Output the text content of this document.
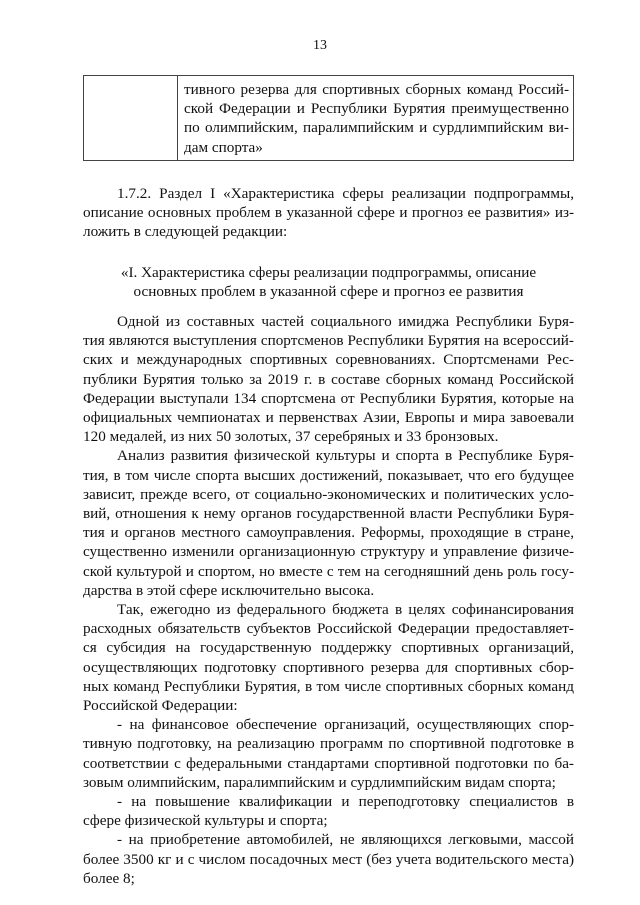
13

тивного резерва для спортивных сборных команд Россий-
ской Федерации и Республики Бурятия преимущественно
по олимпийским, паралимпийским и сурдлимпийским ви-
дам спорта»
1.7.2. Раздел I «Характеристика сферы реализации подпрограммы,
описание основных проблем в указанной сфере и прогноз ее развития» из-
ложить в следующей редакции:
«I. Характеристика сферы реализации подпрограммы, описание
основных проблем в указанной сфере и прогноз ее развития
Одной из составных частей социального имиджа Республики Буря-
тия являются выступления спортсменов Республики Бурятия на всероссий-
ских и международных спортивных соревнованиях. Спортсменами Рес-
публики Бурятия только за 2019 г. в составе сборных команд Российской
Федерации выступали 134 спортсмена от Республики Бурятия, которые на
официальных чемпионатах и первенствах Азии, Европы и мира завоевали
120 медалей, из них 50 золотых, 37 серебряных и 33 бронзовых.
Анализ развития физической культуры и спорта в Республике Буря-
тия, в том числе спорта высших достижений, показывает, что его будущее
зависит, прежде всего, от социально-экономических и политических усло-
вий, отношения к нему органов государственной власти Республики Буря-
тия и органов местного самоуправления. Реформы, проходящие в стране,
существенно изменили организационную структуру и управление физиче-
ской культурой и спортом, но вместе с тем на сегодняшний день роль госу-
дарства в этой сфере исключительно высока.
Так, ежегодно из федерального бюджета в целях софинансирования
расходных обязательств субъектов Российской Федерации предоставляет-
ся субсидия на государственную поддержку спортивных организаций,
осуществляющих подготовку спортивного резерва для спортивных сбор-
ных команд Республики Бурятия, в том числе спортивных сборных команд
Российской Федерации:
- на финансовое обеспечение организаций, осуществляющих спор-
тивную подготовку, на реализацию программ по спортивной подготовке в
соответствии с федеральными стандартами спортивной подготовки по ба-
зовым олимпийским, паралимпийским и сурдлимпийским видам спорта;
- на повышение квалификации и переподготовку специалистов в
сфере физической культуры и спорта;
- на приобретение автомобилей, не являющихся легковыми, массой
более 3500 кг и с числом посадочных мест (без учета водительского места)
более 8;
